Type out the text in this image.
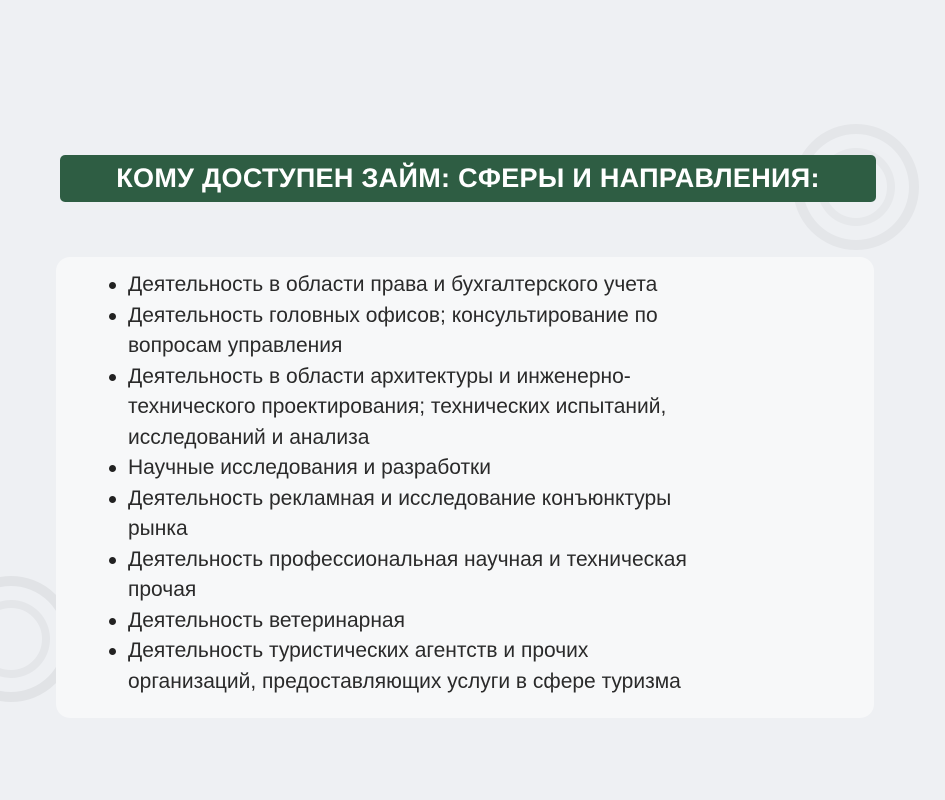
КОМУ ДОСТУПЕН ЗАЙМ: СФЕРЫ И НАПРАВЛЕНИЯ:
Деятельность в области права и бухгалтерского учета
Деятельность головных офисов; консультирование по
вопросам управления
Деятельность в области архитектуры и инженерно-
технического проектирования; технических испытаний,
исследований и анализа
Научные исследования и разработки
Деятельность рекламная и исследование конъюнктуры
рынка
Деятельность профессиональная научная и техническая
прочая
Деятельность ветеринарная
Деятельность туристических агентств и прочих
организаций, предоставляющих услуги в сфере туризма
